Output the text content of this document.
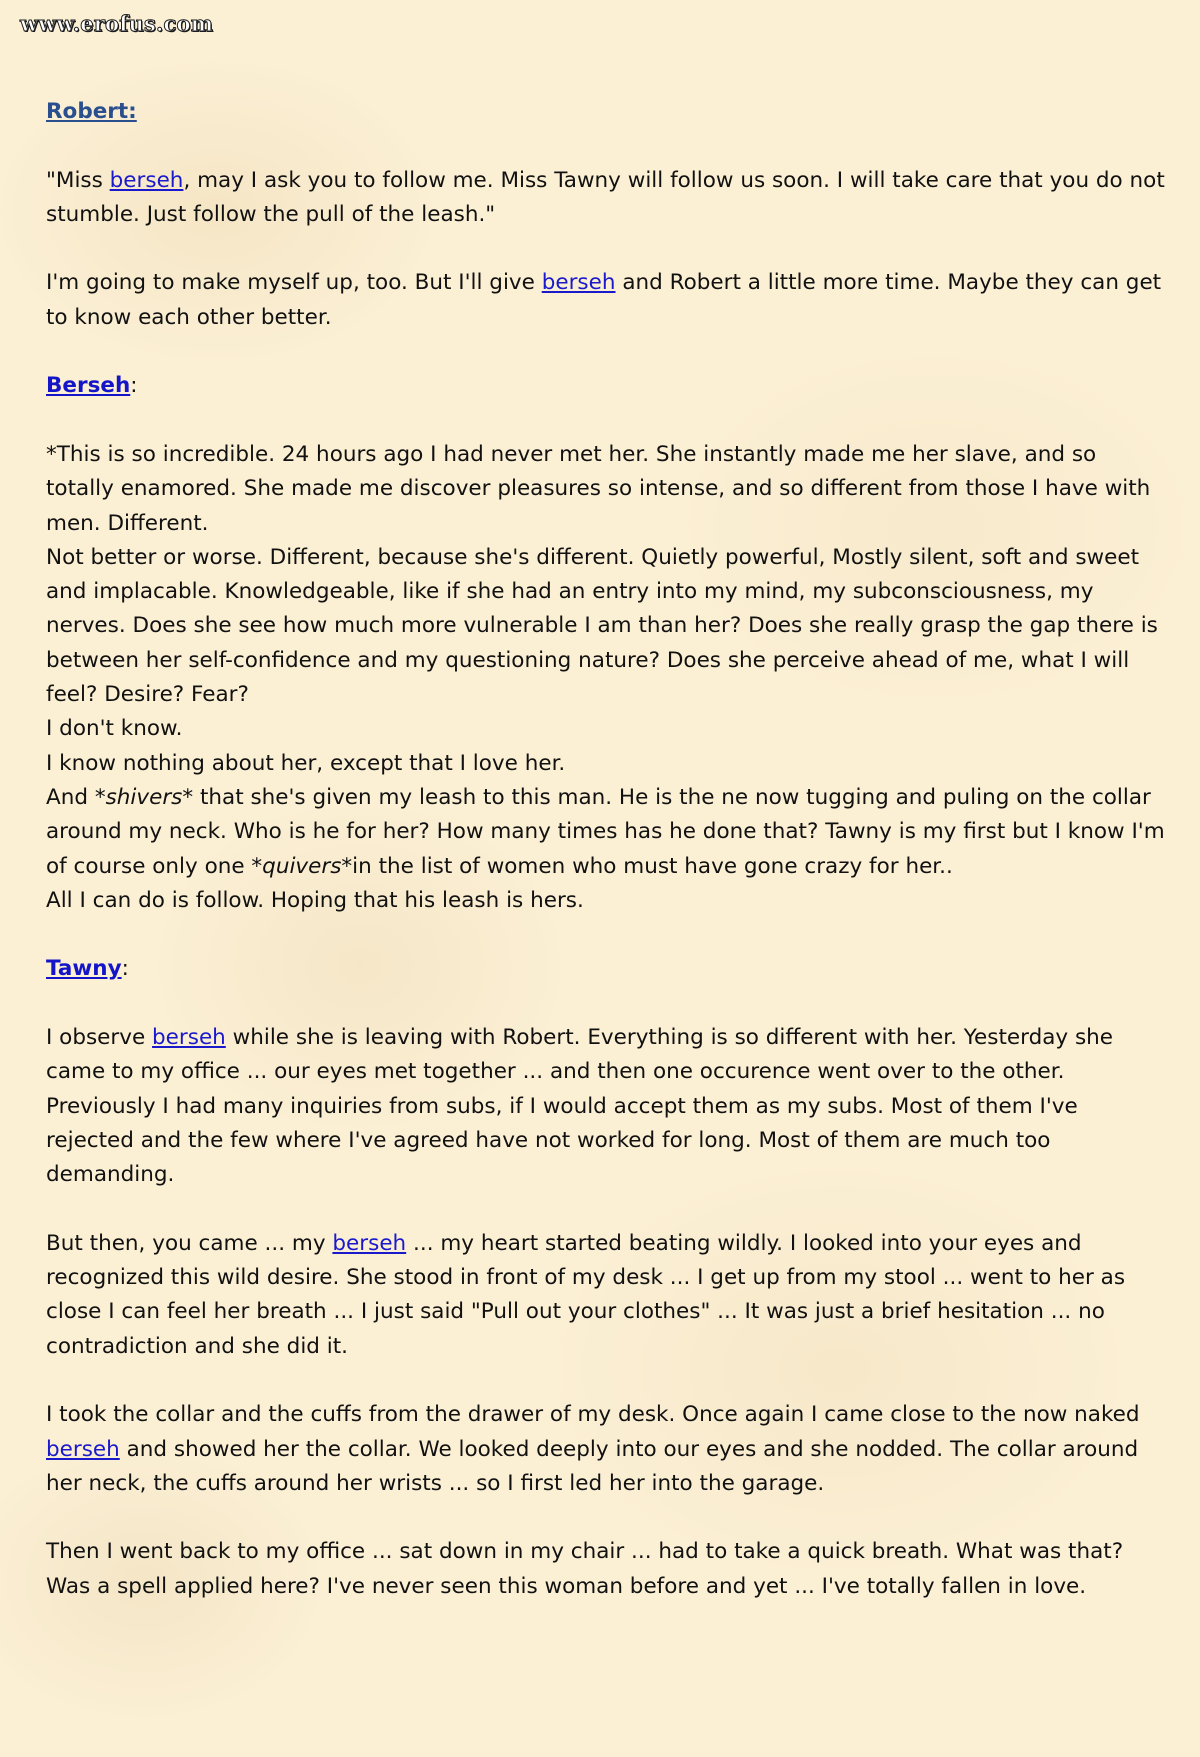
www.erofus.com

Robert:

"Miss berseh, may I ask you to follow me. Miss Tawny will follow us soon. I will take care that you do not stumble. Just follow the pull of the leash."

I'm going to make myself up, too. But I'll give berseh and Robert a little more time. Maybe they can get to know each other better.

Berseh:

*This is so incredible. 24 hours ago I had never met her. She instantly made me her slave, and so totally enamored. She made me discover pleasures so intense, and so different from those I have with men. Different.

Not better or worse. Different, because she's different. Quietly powerful, Mostly silent, soft and sweet and implacable. Knowledgeable, like if she had an entry into my mind, my subconsciousness, my nerves. Does she see how much more vulnerable I am than her? Does she really grasp the gap there is between her self-confidence and my questioning nature? Does she perceive ahead of me, what I will feel? Desire? Fear?

I don't know.

I know nothing about her, except that I love her.

And *shivers* that she's given my leash to this man. He is the ne now tugging and puling on the collar around my neck. Who is he for her? How many times has he done that? Tawny is my first but I know I'm of course only one *quivers*in the list of women who must have gone crazy for her..

All I can do is follow. Hoping that his leash is hers.

Tawny:

I observe berseh while she is leaving with Robert. Everything is so different with her. Yesterday she came to my office ... our eyes met together ... and then one occurence went over to the other. Previously I had many inquiries from subs, if I would accept them as my subs. Most of them I've rejected and the few where I've agreed have not worked for long. Most of them are much too demanding.

But then, you came ... my berseh ... my heart started beating wildly. I looked into your eyes and recognized this wild desire. She stood in front of my desk ... I get up from my stool ... went to her as close I can feel her breath ... I just said "Pull out your clothes" ... It was just a brief hesitation ... no contradiction and she did it.

I took the collar and the cuffs from the drawer of my desk. Once again I came close to the now naked berseh and showed her the collar. We looked deeply into our eyes and she nodded. The collar around her neck, the cuffs around her wrists ... so I first led her into the garage.

Then I went back to my office ... sat down in my chair ... had to take a quick breath. What was that? Was a spell applied here? I've never seen this woman before and yet ... I've totally fallen in love.
